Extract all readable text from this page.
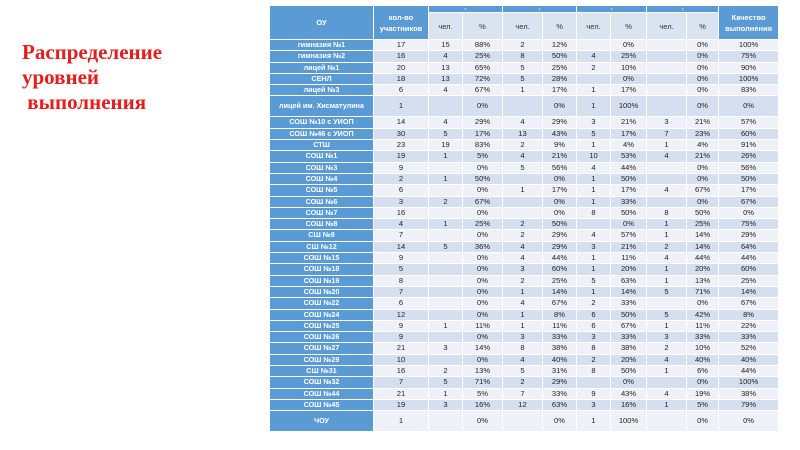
Распределение
уровней
выполнения
ОУ	кол-во участников	5		4		3		2		Качество выполнения
		чел.	%	чел.	%	чел.	%	чел.	%	
гимназия №1	17	15	88%	2	12%		0%		0%	100%
гимназия №2	16	4	25%	8	50%	4	25%		0%	75%
лицей №1	20	13	65%	5	25%	2	10%		0%	90%
СЕНЛ	18	13	72%	5	28%		0%		0%	100%
лицей №3	6	4	67%	1	17%	1	17%		0%	83%
лицей им. Хисматулина	1		0%		0%	1	100%		0%	0%
СОШ №10 с УИОП	14	4	29%	4	29%	3	21%	3	21%	57%
СОШ №46 с УИОП	30	5	17%	13	43%	5	17%	7	23%	60%
СТШ	23	19	83%	2	9%	1	4%	1	4%	91%
СОШ №1	19	1	5%	4	21%	10	53%	4	21%	26%
СОШ №3	9		0%	5	56%	4	44%		0%	56%
СОШ №4	2	1	50%		0%	1	50%		0%	50%
СОШ №5	6		0%	1	17%	1	17%	4	67%	17%
СОШ №6	3	2	67%		0%	1	33%		0%	67%
СОШ №7	16		0%		0%	8	50%	8	50%	0%
СОШ №8	4	1	25%	2	50%		0%	1	25%	75%
СШ №9	7		0%	2	29%	4	57%	1	14%	29%
СШ №12	14	5	36%	4	29%	3	21%	2	14%	64%
СОШ №15	9		0%	4	44%	1	11%	4	44%	44%
СОШ №18	5		0%	3	60%	1	20%	1	20%	60%
СОШ №19	8		0%	2	25%	5	63%	1	13%	25%
СОШ №20	7		0%	1	14%	1	14%	5	71%	14%
СОШ №22	6		0%	4	67%	2	33%		0%	67%
СОШ №24	12		0%	1	8%	6	50%	5	42%	8%
СОШ №25	9	1	11%	1	11%	6	67%	1	11%	22%
СОШ №26	9		0%	3	33%	3	33%	3	33%	33%
СОШ №27	21	3	14%	8	38%	8	38%	2	10%	52%
СОШ №29	10		0%	4	40%	2	20%	4	40%	40%
СШ №31	16	2	13%	5	31%	8	50%	1	6%	44%
СОШ №32	7	5	71%	2	29%		0%		0%	100%
СОШ №44	21	1	5%	7	33%	9	43%	4	19%	38%
СОШ №45	19	3	16%	12	63%	3	16%	1	5%	79%
ЧОУ	1		0%		0%	1	100%		0%	0%
